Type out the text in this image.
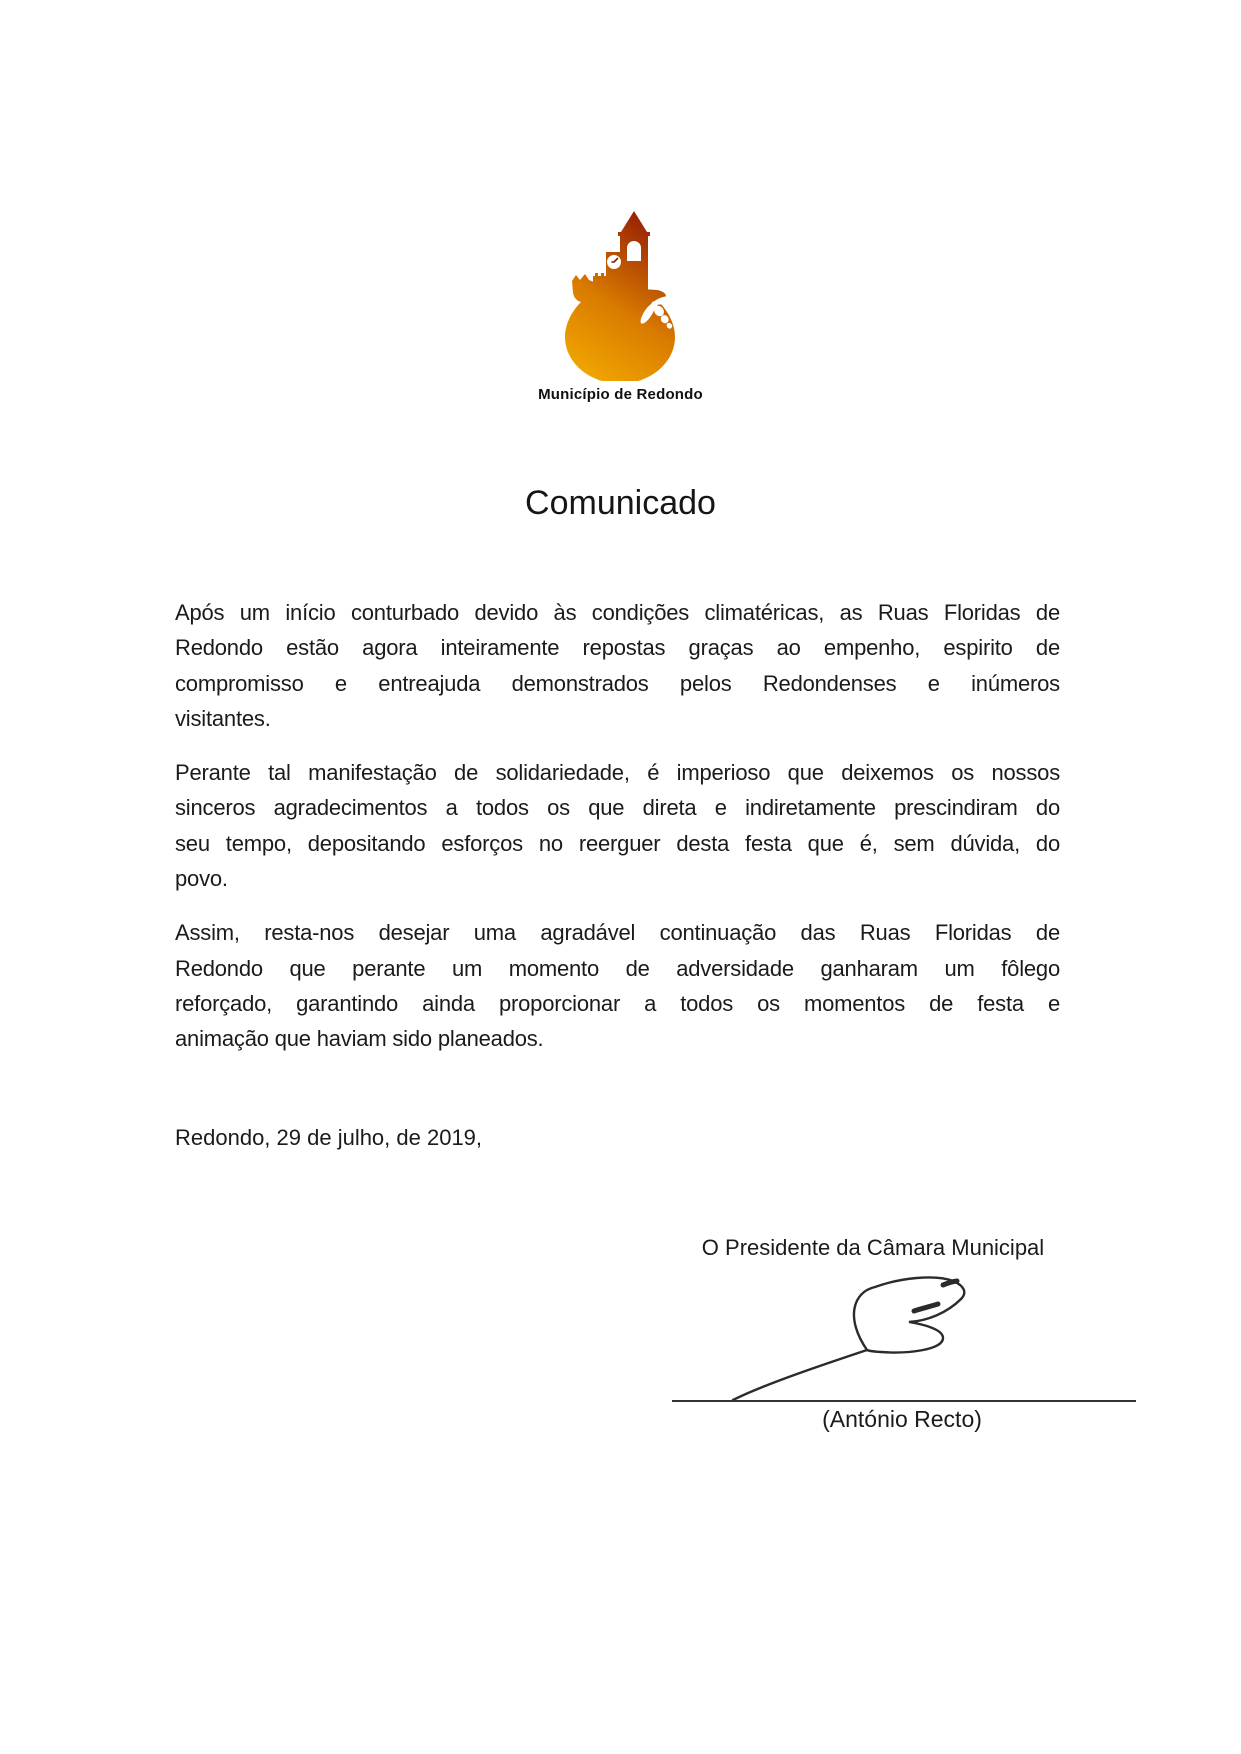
Município de Redondo
Comunicado
Após um início conturbado devido às condições climatéricas, as Ruas Floridas de
Redondo estão agora inteiramente repostas graças ao empenho, espirito de
compromisso e entreajuda demonstrados pelos Redondenses e inúmeros
visitantes.
Perante tal manifestação de solidariedade, é imperioso que deixemos os nossos
sinceros agradecimentos a todos os que direta e indiretamente prescindiram do
seu tempo, depositando esforços no reerguer desta festa que é, sem dúvida, do
povo.
Assim, resta-nos desejar uma agradável continuação das Ruas Floridas de
Redondo que perante um momento de adversidade ganharam um fôlego
reforçado, garantindo ainda proporcionar a todos os momentos de festa e
animação que haviam sido planeados.
Redondo, 29 de julho, de 2019,
O Presidente da Câmara Municipal
(António Recto)
